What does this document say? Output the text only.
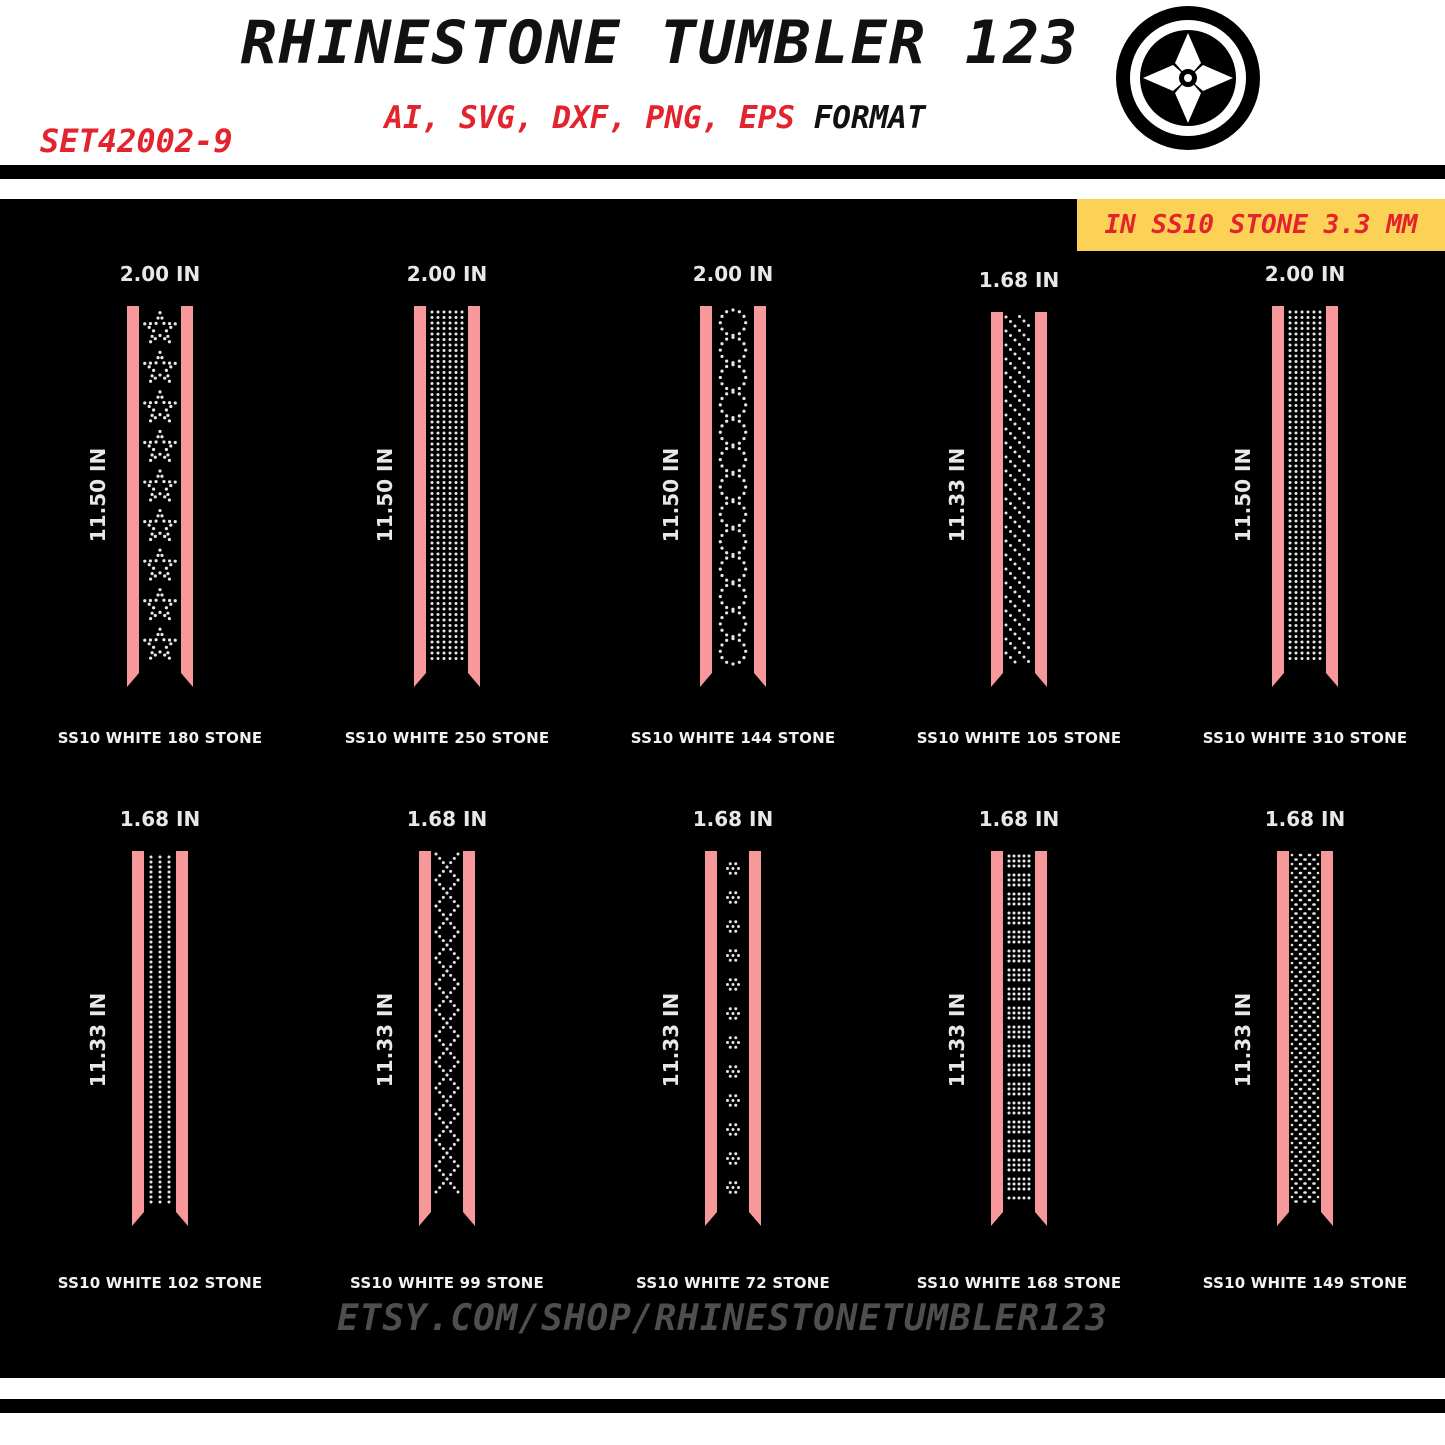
RHINESTONE TUMBLER 123
AI, SVG, DXF, PNG, EPS FORMAT
SET42002-9
IN SS10 STONE 3.3 MM
2.00 IN
11.50 IN
SS10 WHITE 180 STONE
2.00 IN
11.50 IN
SS10 WHITE 250 STONE
2.00 IN
11.50 IN
SS10 WHITE 144 STONE
1.68 IN
11.33 IN
SS10 WHITE 105 STONE
2.00 IN
11.50 IN
SS10 WHITE 310 STONE
1.68 IN
11.33 IN
SS10 WHITE 102 STONE
1.68 IN
11.33 IN
SS10 WHITE 99 STONE
1.68 IN
11.33 IN
SS10 WHITE 72 STONE
1.68 IN
11.33 IN
SS10 WHITE 168 STONE
1.68 IN
11.33 IN
SS10 WHITE 149 STONE
ETSY.COM/SHOP/RHINESTONETUMBLER123
